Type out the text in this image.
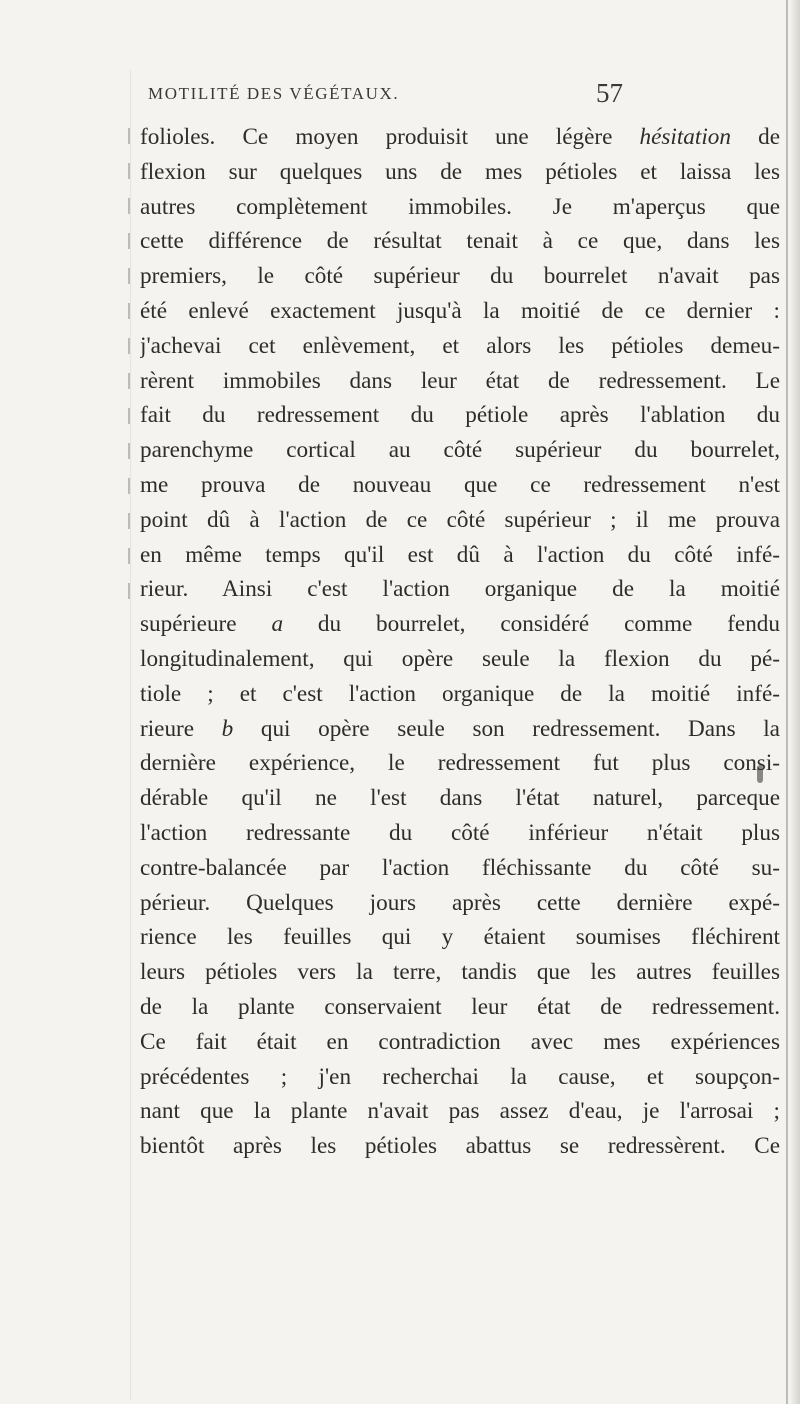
MOTILITÉ DES VÉGÉTAUX.	57
folioles. Ce moyen produisit une légère hésitation de
flexion sur quelques uns de mes pétioles et laissa les
autres complètement immobiles. Je m'aperçus que
cette différence de résultat tenait à ce que, dans les
premiers, le côté supérieur du bourrelet n'avait pas
été enlevé exactement jusqu'à la moitié de ce dernier :
j'achevai cet enlèvement, et alors les pétioles demeu-
rèrent immobiles dans leur état de redressement. Le
fait du redressement du pétiole après l'ablation du
parenchyme cortical au côté supérieur du bourrelet,
me prouva de nouveau que ce redressement n'est
point dû à l'action de ce côté supérieur ; il me prouva
en même temps qu'il est dû à l'action du côté infé-
rieur. Ainsi c'est l'action organique de la moitié
supérieure a du bourrelet, considéré comme fendu
longitudinalement, qui opère seule la flexion du pé-
tiole ; et c'est l'action organique de la moitié infé-
rieure b qui opère seule son redressement. Dans la
dernière expérience, le redressement fut plus consi-
dérable qu'il ne l'est dans l'état naturel, parceque
l'action redressante du côté inférieur n'était plus
contre-balancée par l'action fléchissante du côté su-
périeur. Quelques jours après cette dernière expé-
rience les feuilles qui y étaient soumises fléchirent
leurs pétioles vers la terre, tandis que les autres feuilles
de la plante conservaient leur état de redressement.
Ce fait était en contradiction avec mes expériences
précédentes ; j'en recherchai la cause, et soupçon-
nant que la plante n'avait pas assez d'eau, je l'arrosai ;
bientôt après les pétioles abattus se redressèrent. Ce
